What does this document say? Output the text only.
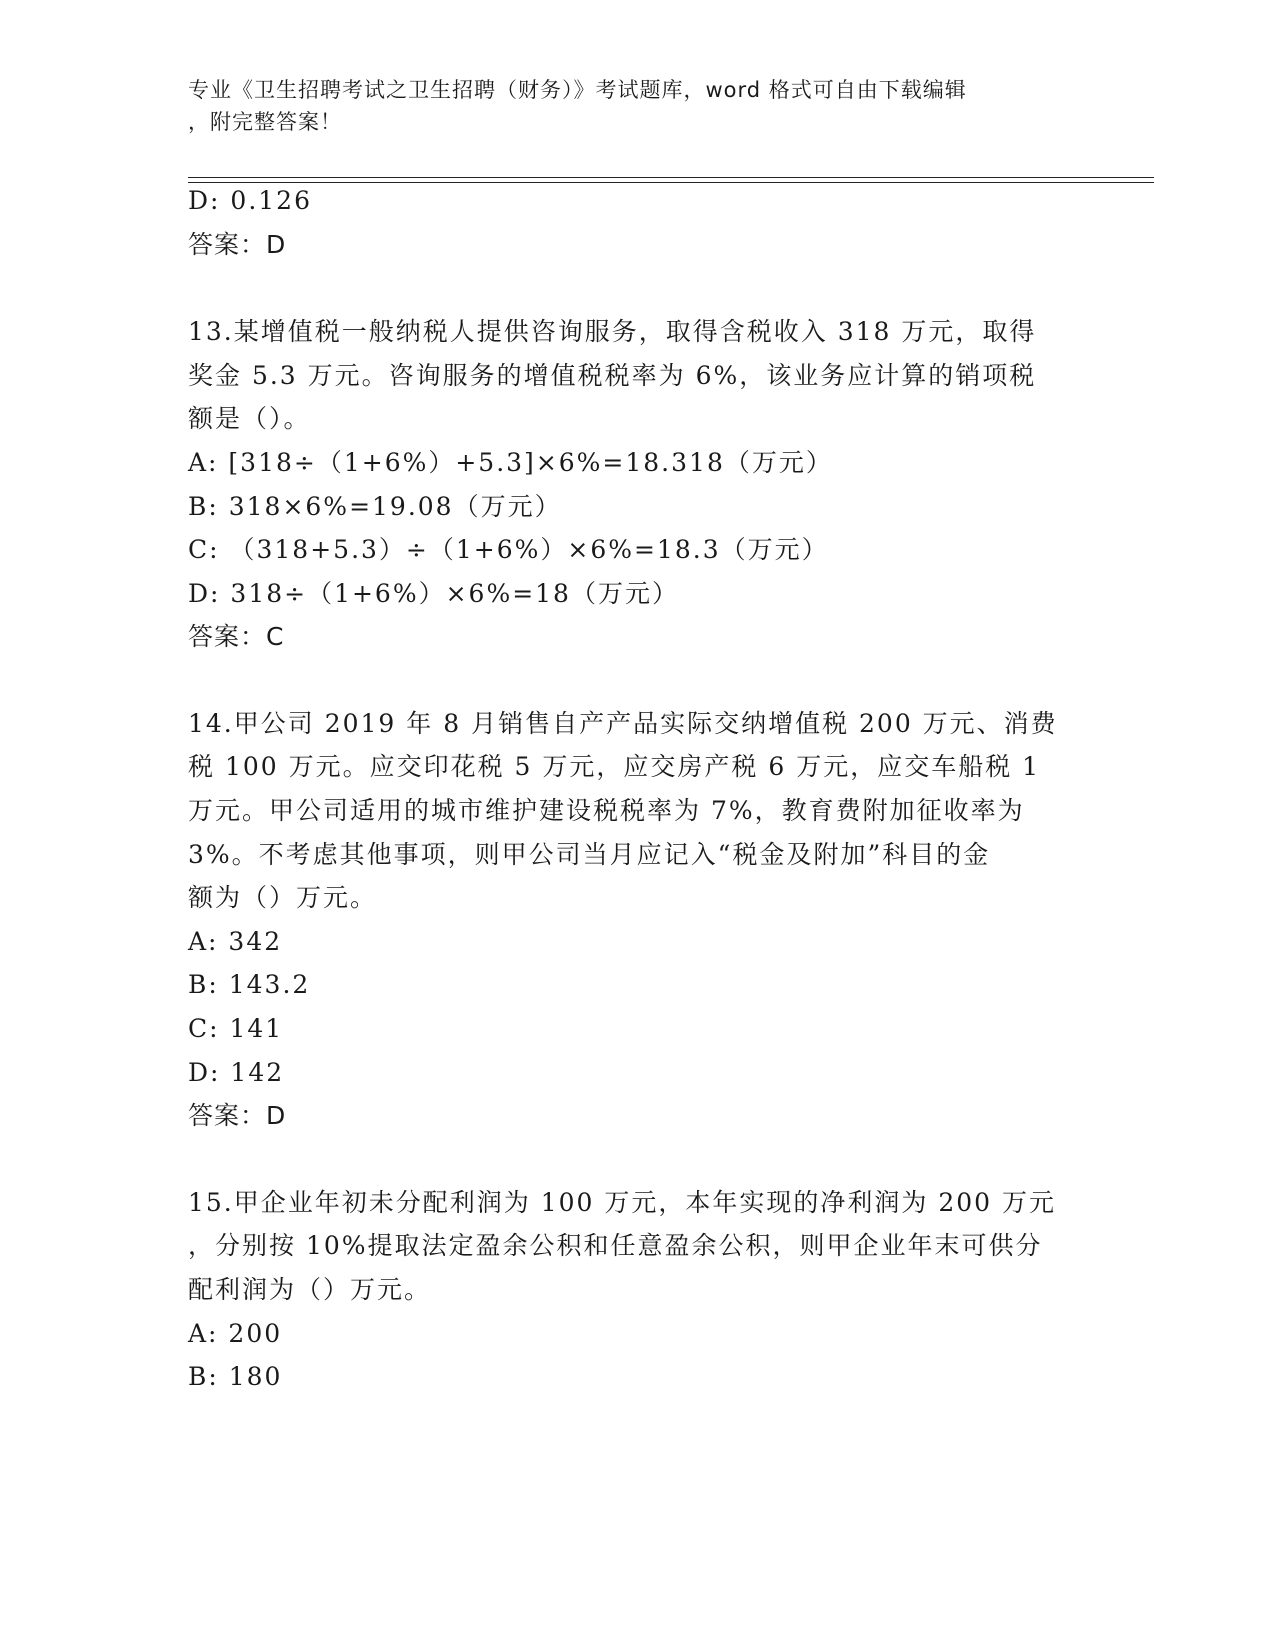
专业《卫生招聘考试之卫生招聘（财务）》考试题库，word 格式可自由下载编辑
，附完整答案！
D: 0.126
答案：D
13.某增值税一般纳税人提供咨询服务，取得含税收入 318 万元，取得
奖金 5.3 万元。咨询服务的增值税税率为 6%，该业务应计算的销项税
额是（）。
A: [318÷（1+6%）+5.3]×6%=18.318（万元）
B: 318×6%=19.08（万元）
C: （318+5.3）÷（1+6%）×6%=18.3（万元）
D: 318÷（1+6%）×6%=18（万元）
答案：C
14.甲公司 2019 年 8 月销售自产产品实际交纳增值税 200 万元、消费
税 100 万元。应交印花税 5 万元，应交房产税 6 万元，应交车船税 1
万元。甲公司适用的城市维护建设税税率为 7%，教育费附加征收率为
3%。不考虑其他事项，则甲公司当月应记入“税金及附加”科目的金
额为（）万元。
A: 342
B: 143.2
C: 141
D: 142
答案：D
15.甲企业年初未分配利润为 100 万元，本年实现的净利润为 200 万元
，分别按 10%提取法定盈余公积和任意盈余公积，则甲企业年末可供分
配利润为（）万元。
A: 200
B: 180
